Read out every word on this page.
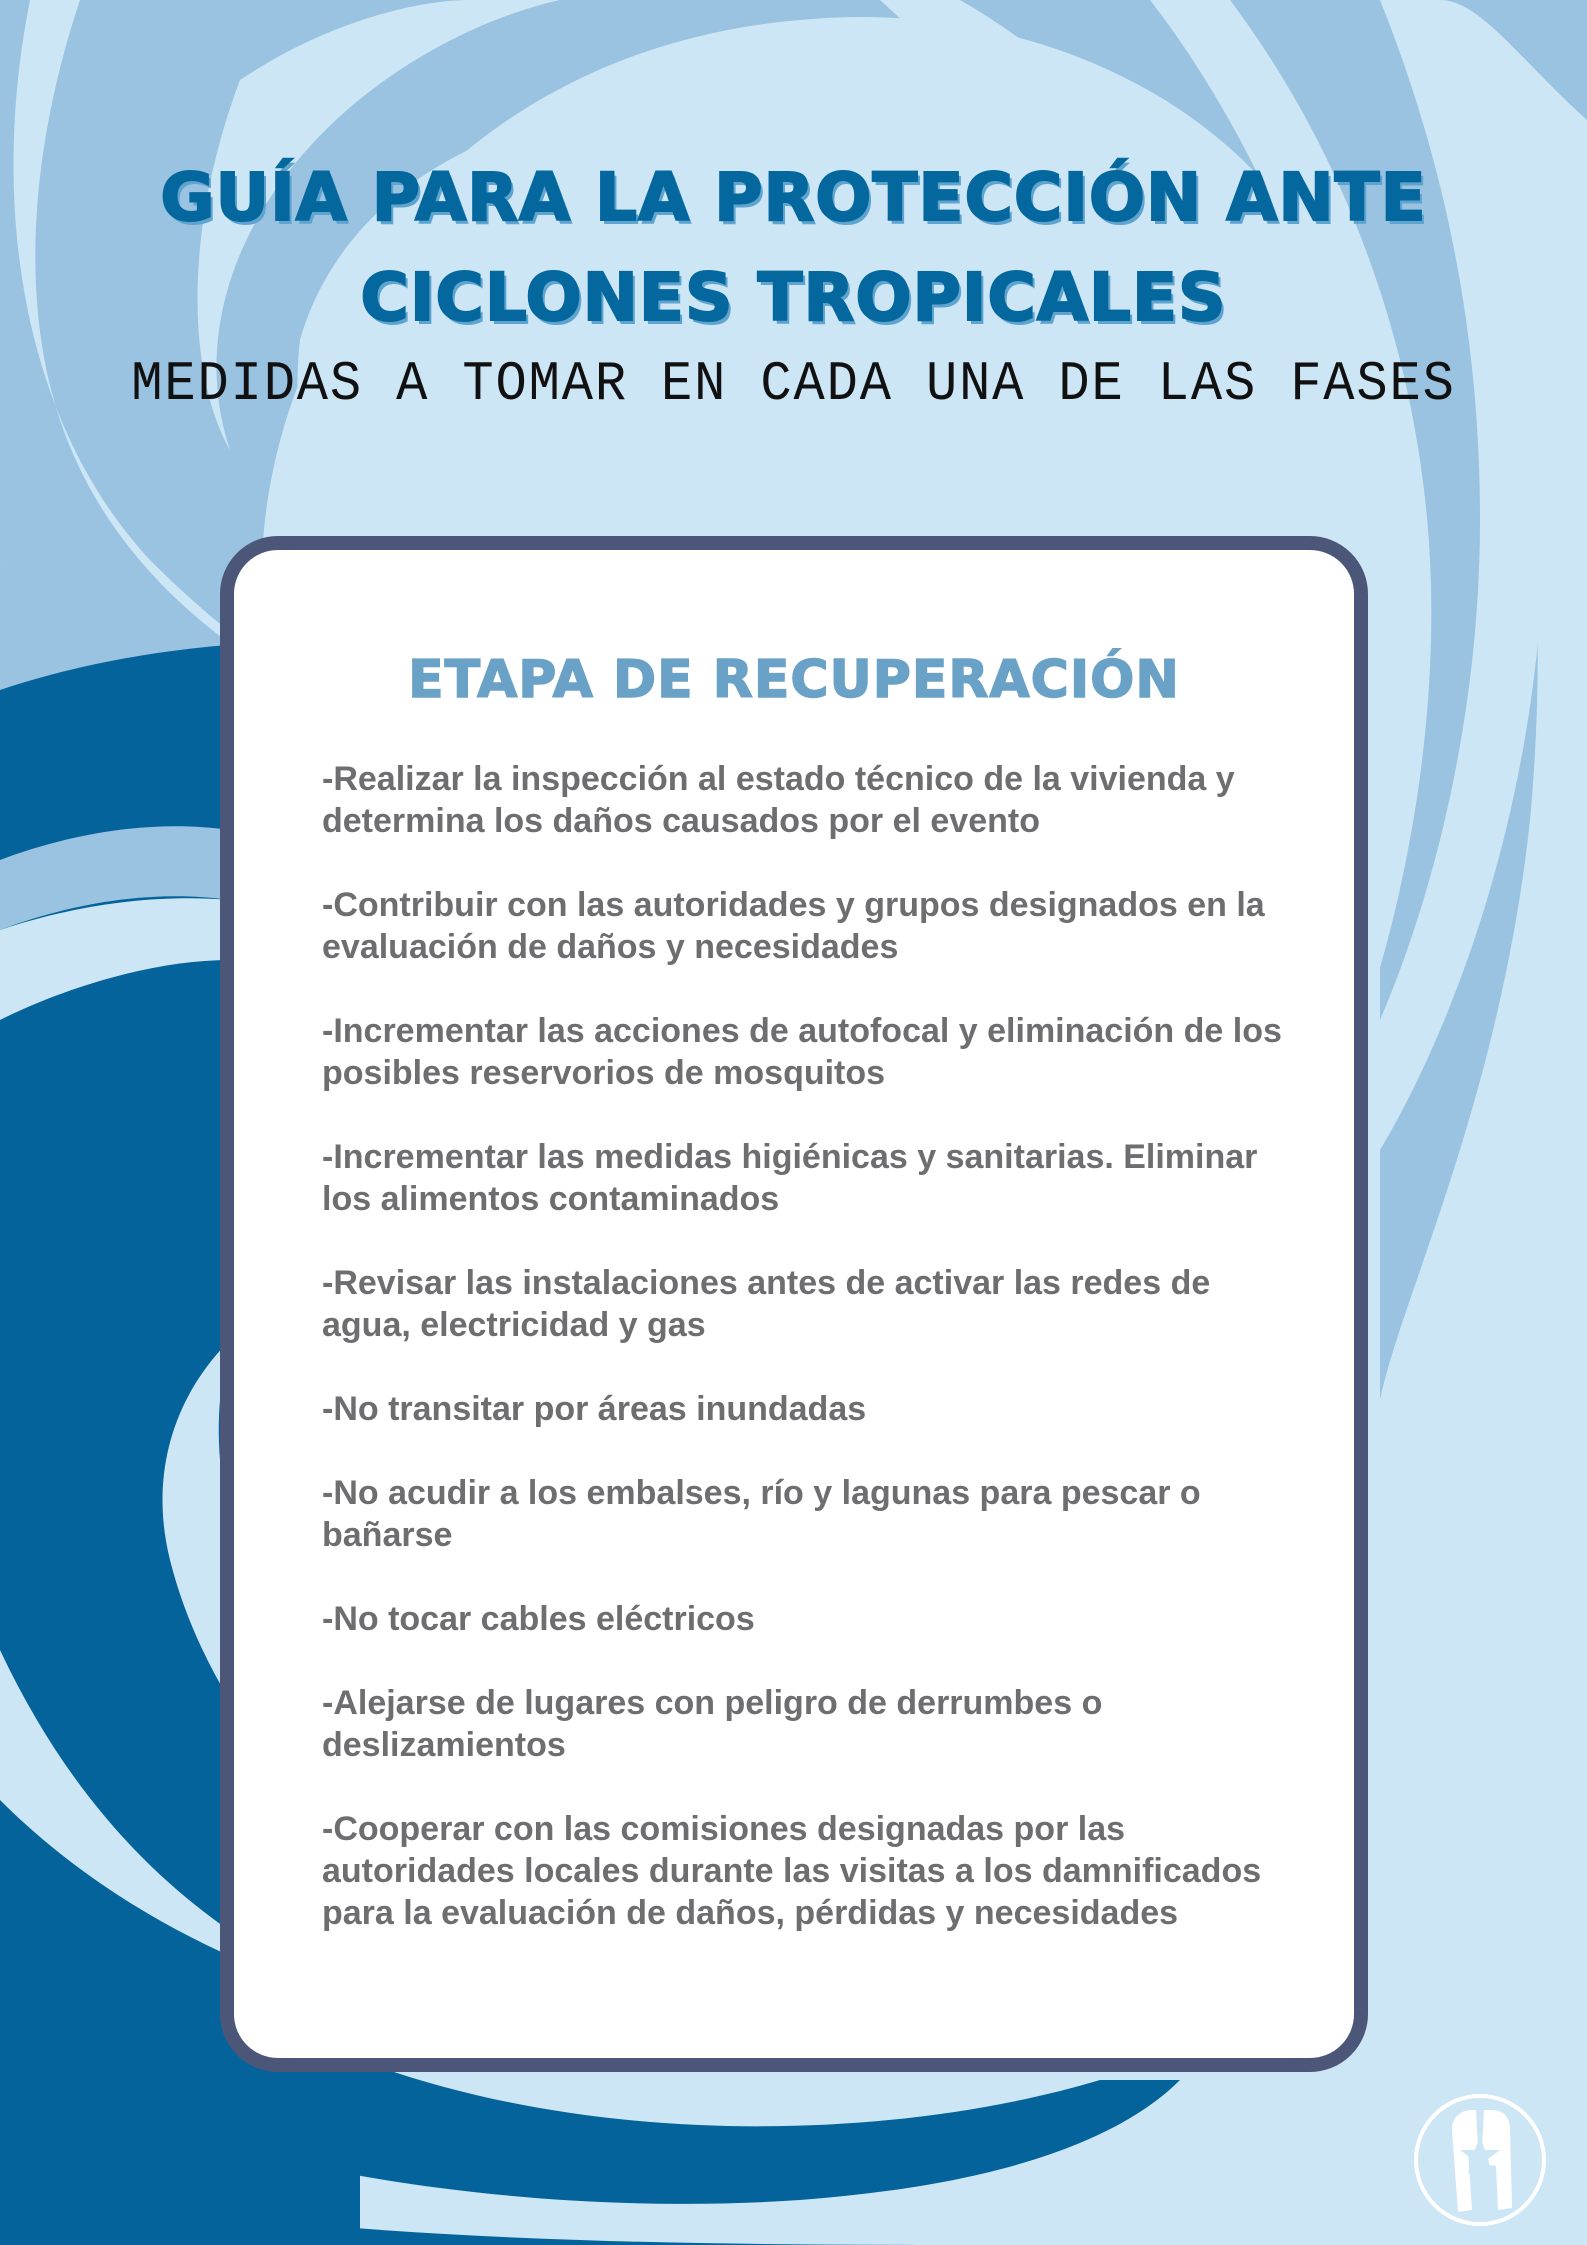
GUÍA PARA LA PROTECCIÓN ANTE
CICLONES TROPICALES
MEDIDAS A TOMAR EN CADA UNA DE LAS FASES
ETAPA DE RECUPERACIÓN

-Realizar la inspección al estado técnico de la vivienda y determina los daños causados por el evento

-Contribuir con las autoridades y grupos designados en la evaluación de daños y necesidades

-Incrementar las acciones de autofocal y eliminación de los posibles reservorios de mosquitos

-Incrementar las medidas higiénicas y sanitarias. Eliminar los alimentos contaminados

-Revisar las instalaciones antes de activar las redes de agua, electricidad y gas

-No transitar por áreas inundadas

-No acudir a los embalses, río y lagunas para pescar o bañarse

-No tocar cables eléctricos

-Alejarse de lugares con peligro de derrumbes o deslizamientos

-Cooperar con las comisiones designadas por las autoridades locales durante las visitas a los damnificados para la evaluación de daños, pérdidas y necesidades
